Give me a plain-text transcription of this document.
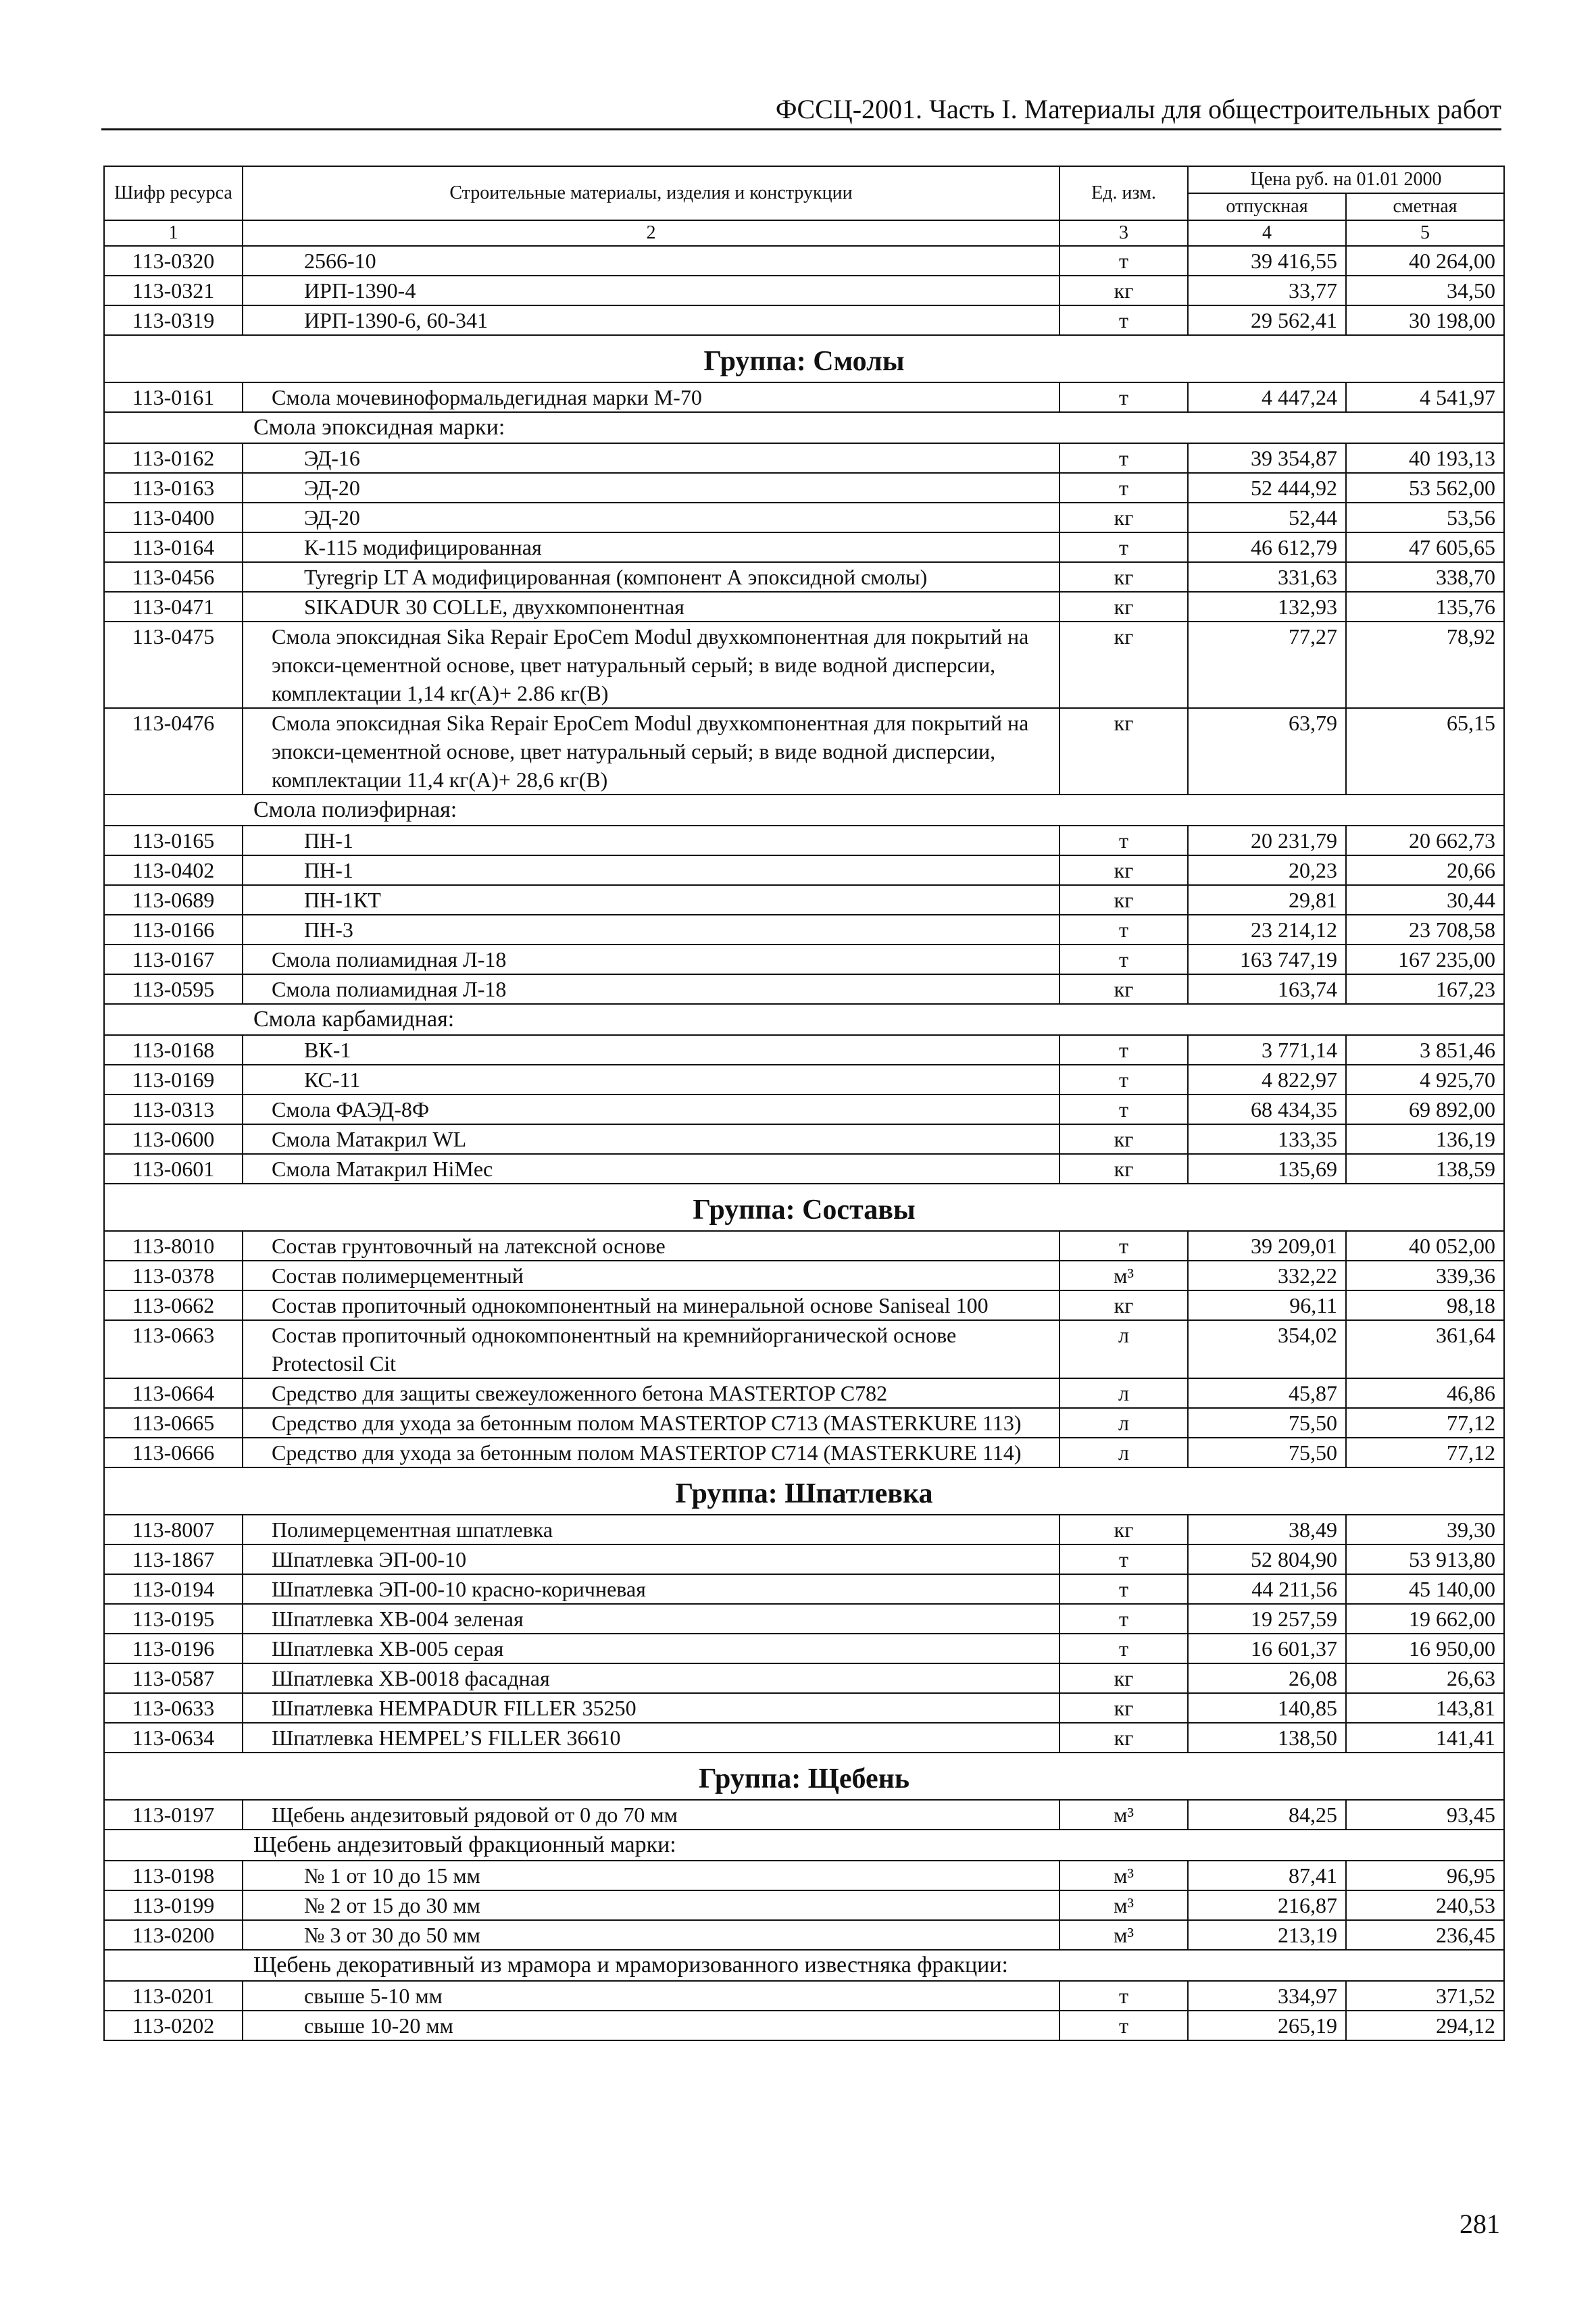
ФССЦ-2001. Часть I. Материалы для общестроительных работ
Шифр ресурса	Строительные материалы, изделия и конструкции	Ед. изм.	Цена руб. на 01.01 2000	
			отпускная	сметная
1	2	3	4	5
113-0320	2566-10	т	39 416,55	40 264,00
113-0321	ИРП-1390-4	кг	33,77	34,50
113-0319	ИРП-1390-6, 60-341	т	29 562,41	30 198,00
Группа: Смолы				
113-0161	Смола мочевиноформальдегидная марки М-70	т	4 447,24	4 541,97
Смола эпоксидная марки:				
113-0162	ЭД-16	т	39 354,87	40 193,13
113-0163	ЭД-20	т	52 444,92	53 562,00
113-0400	ЭД-20	кг	52,44	53,56
113-0164	К-115 модифицированная	т	46 612,79	47 605,65
113-0456	Tyregrip LT A модифицированная (компонент А эпоксидной смолы)	кг	331,63	338,70
113-0471	SIKADUR 30 COLLE, двухкомпонентная	кг	132,93	135,76
113-0475	Смола эпоксидная Sika Repair EpoCem Modul двухкомпонентная для покрытий на эпокси-цементной основе, цвет натуральный серый; в виде водной дисперсии, комплектации 1,14 кг(A)+ 2.86 кг(B)	кг	77,27	78,92
113-0476	Смола эпоксидная Sika Repair EpoCem Modul двухкомпонентная для покрытий на эпокси-цементной основе, цвет натуральный серый; в виде водной дисперсии, комплектации 11,4 кг(A)+ 28,6 кг(B)	кг	63,79	65,15
Смола полиэфирная:				
113-0165	ПН-1	т	20 231,79	20 662,73
113-0402	ПН-1	кг	20,23	20,66
113-0689	ПН-1КТ	кг	29,81	30,44
113-0166	ПН-3	т	23 214,12	23 708,58
113-0167	Смола полиамидная Л-18	т	163 747,19	167 235,00
113-0595	Смола полиамидная Л-18	кг	163,74	167,23
Смола карбамидная:				
113-0168	ВК-1	т	3 771,14	3 851,46
113-0169	КС-11	т	4 822,97	4 925,70
113-0313	Смола ФАЭД-8Ф	т	68 434,35	69 892,00
113-0600	Смола Матакрил WL	кг	133,35	136,19
113-0601	Смола Матакрил HiMec	кг	135,69	138,59
Группа: Составы				
113-8010	Состав грунтовочный на латексной основе	т	39 209,01	40 052,00
113-0378	Состав полимерцементный	м³	332,22	339,36
113-0662	Состав пропиточный однокомпонентный на минеральной основе Saniseal 100	кг	96,11	98,18
113-0663	Состав пропиточный однокомпонентный на кремнийорганической основе Protectosil Cit	л	354,02	361,64
113-0664	Средство для защиты свежеуложенного бетона MASTERTOP C782	л	45,87	46,86
113-0665	Средство для ухода за бетонным полом MASTERTOP C713 (MASTERKURE 113)	л	75,50	77,12
113-0666	Средство для ухода за бетонным полом MASTERTOP C714 (MASTERKURE 114)	л	75,50	77,12
Группа: Шпатлевка				
113-8007	Полимерцементная шпатлевка	кг	38,49	39,30
113-1867	Шпатлевка ЭП-00-10	т	52 804,90	53 913,80
113-0194	Шпатлевка ЭП-00-10 красно-коричневая	т	44 211,56	45 140,00
113-0195	Шпатлевка ХВ-004 зеленая	т	19 257,59	19 662,00
113-0196	Шпатлевка ХВ-005 серая	т	16 601,37	16 950,00
113-0587	Шпатлевка ХВ-0018 фасадная	кг	26,08	26,63
113-0633	Шпатлевка HEMPADUR FILLER 35250	кг	140,85	143,81
113-0634	Шпатлевка HEMPEL’S FILLER 36610	кг	138,50	141,41
Группа: Щебень				
113-0197	Щебень андезитовый рядовой от 0 до 70 мм	м³	84,25	93,45
Щебень андезитовый фракционный марки:				
113-0198	№ 1 от 10 до 15 мм	м³	87,41	96,95
113-0199	№ 2 от 15 до 30 мм	м³	216,87	240,53
113-0200	№ 3 от 30 до 50 мм	м³	213,19	236,45
Щебень декоративный из мрамора и мраморизованного известняка фракции:				
113-0201	свыше 5-10 мм	т	334,97	371,52
113-0202	свыше 10-20 мм	т	265,19	294,12
281
